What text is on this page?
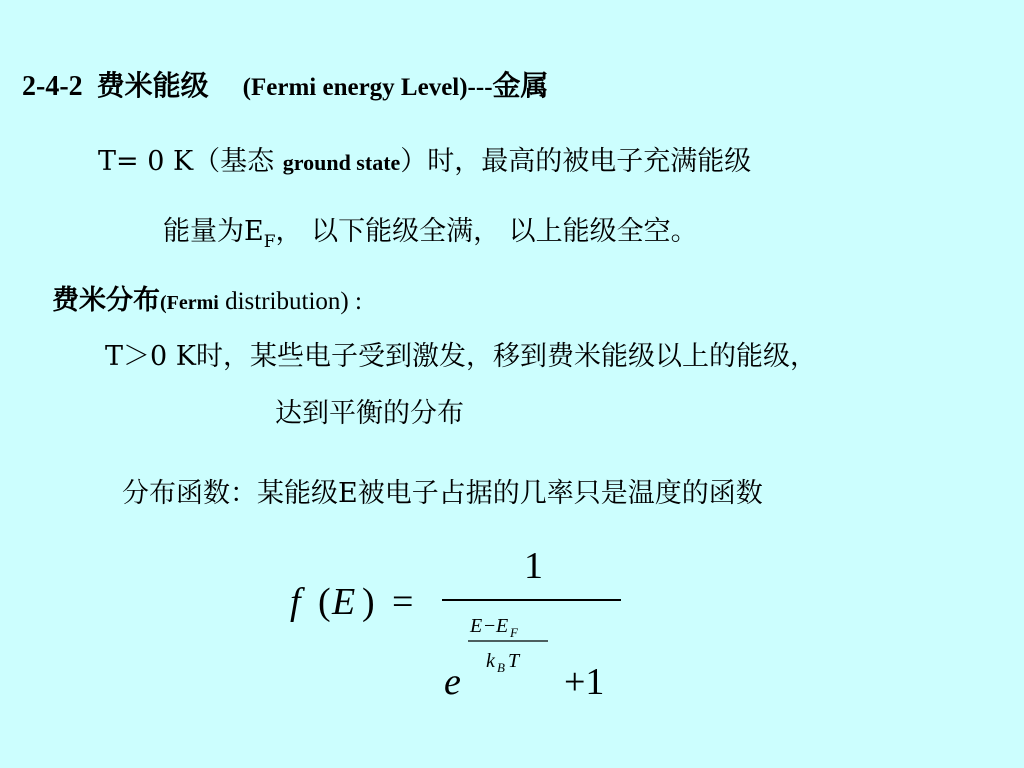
2-4-2 费米能级 (Fermi energy Level)---金属
T= 0 K（基态 ground state）时，最高的被电子充满能级
能量为$E_F$， 以下能级全满， 以上能级全空。
费米分布(Fermi distribution) :
T＞0 K时，某些电子受到激发，移到费米能级以上的能级，
达到平衡的分布
分布函数：某能级E被电子占据的几率只是温度的函数
f ( E ) =
1
E − E F
k B T
e	+1
